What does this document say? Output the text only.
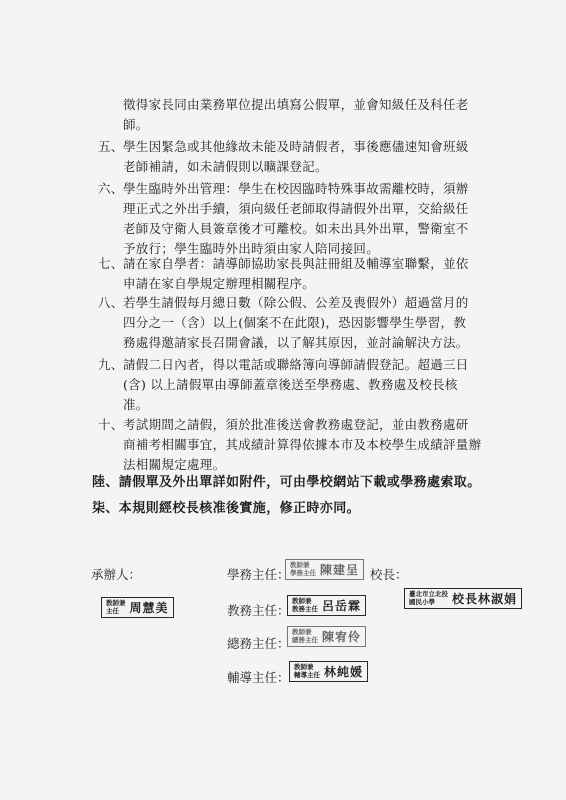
徵得家長同由業務單位提出填寫公假單，並會知級任及科任老
師。
五、 學生因緊急或其他緣故未能及時請假者，事後應儘速知會班級
老師補請，如未請假則以曠課登記。
六、 學生臨時外出管理：學生在校因臨時特殊事故需離校時，須辦
理正式之外出手續，須向級任老師取得請假外出單，交給級任
老師及守衛人員簽章後才可離校。如未出具外出單，警衛室不
予放行；學生臨時外出時須由家人陪同接回。
七、 請在家自學者：請導師協助家長與註冊組及輔導室聯繫，並依
申請在家自學規定辦理相關程序。
八、 若學生請假每月總日數（除公假、公差及喪假外）超過當月的
四分之一（含）以上(個案不在此限)，恐因影響學生學習，教
務處得邀請家長召開會議，以了解其原因，並討論解決方法。
九、 請假二日內者，得以電話或聯絡簿向導師請假登記。超過三日
(含) 以上請假單由導師蓋章後送至學務處、教務處及校長核
准。
十、 考試期間之請假，須於批准後送會教務處登記，並由教務處研
商補考相關事宜，其成績計算得依據本市及本校學生成績評量辦
法相關規定處理。
陸、請假單及外出單詳如附件，可由學校網站下載或學務處索取。
柒、本規則經校長核准後實施，修正時亦同。
承辦人：
教師兼
主任 周慧美
學務主任：
教師兼
學務主任 陳建呈 校長：
臺北市立北投
國民小學	校長林淑娟
教務主任：
教師兼
教務主任 呂岳霖
總務主任：
教師兼
總務主任 陳宥伶
輔導主任：
教師兼
輔導主任 林純媛
